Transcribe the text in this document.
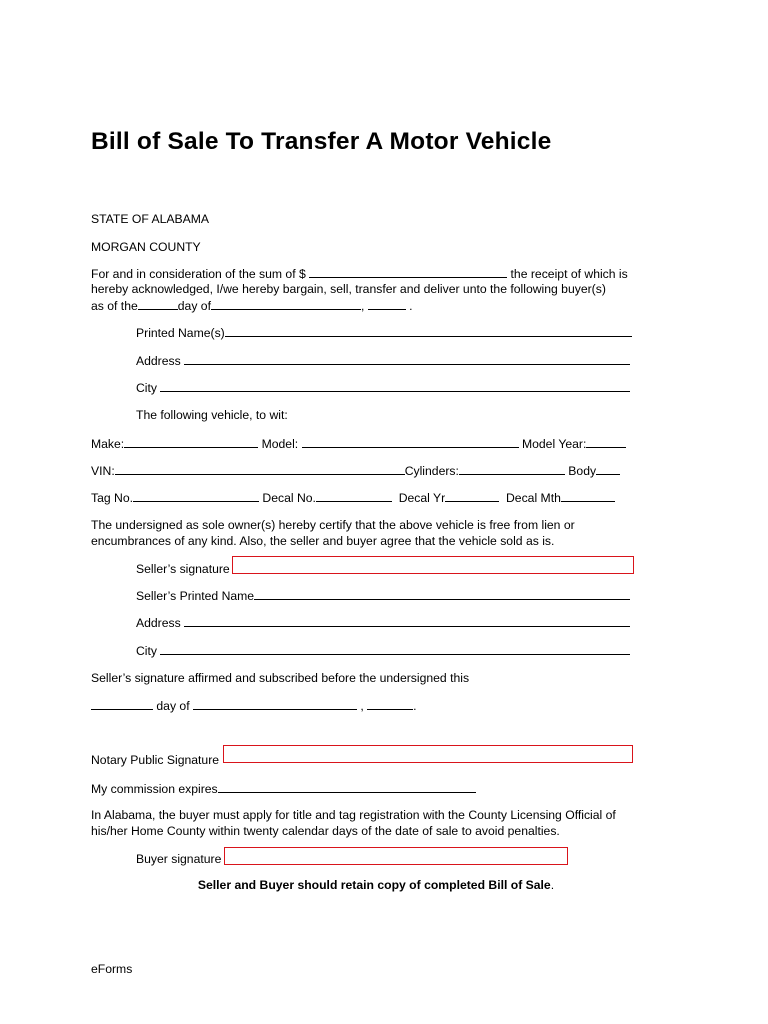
Bill of Sale To Transfer A Motor Vehicle
STATE OF ALABAMA
MORGAN COUNTY
For and in consideration of the sum of $	the receipt of which is
hereby acknowledged, I/we hereby bargain, sell, transfer and deliver unto the following buyer(s)
as of the	day of	,	.
Printed Name(s)
Address
City
The following vehicle, to wit:
Make:	Model:	Model Year:
VIN:	Cylinders:	Body
Tag No.	Decal No.	Decal Yr	Decal Mth
The undersigned as sole owner(s) hereby certify that the above vehicle is free from lien or
encumbrances of any kind. Also, the seller and buyer agree that the vehicle sold as is.
Seller’s signature
Seller’s Printed Name
Address
City
Seller’s signature affirmed and subscribed before the undersigned this
day of	,	.
Notary Public Signature
My commission expires
In Alabama, the buyer must apply for title and tag registration with the County Licensing Official of
his/her Home County within twenty calendar days of the date of sale to avoid penalties.
Buyer signature
Seller and Buyer should retain copy of completed Bill of Sale.
eForms
